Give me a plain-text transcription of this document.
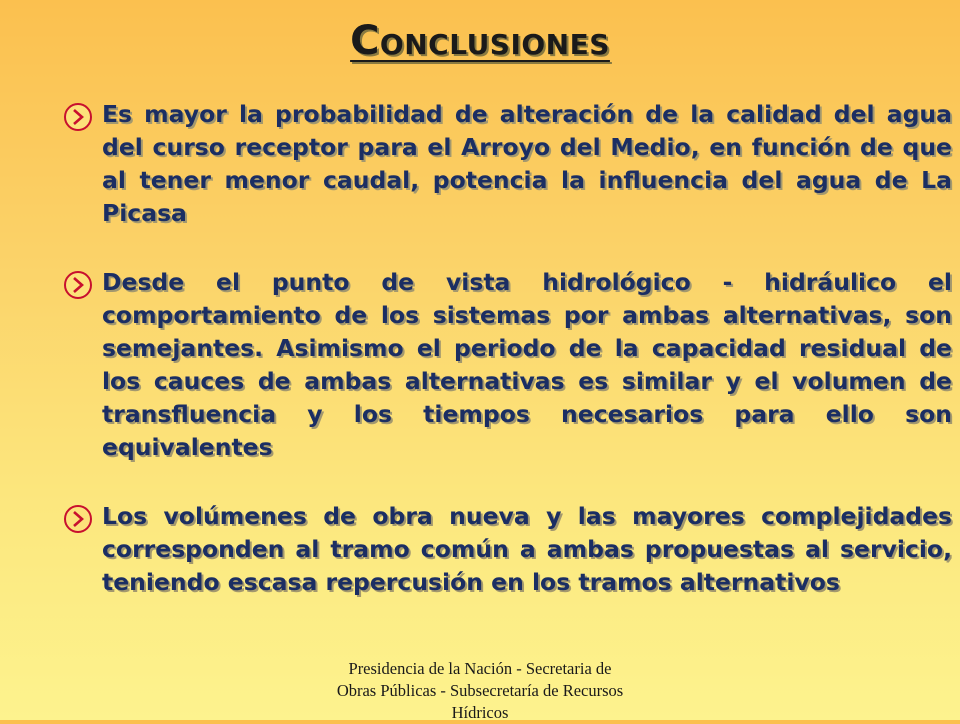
Conclusiones
Es mayor la probabilidad de alteración de la calidad del agua del curso receptor para el Arroyo del Medio, en función de que al tener menor caudal, potencia la influencia del agua de La Picasa
Desde el punto de vista hidrológico - hidráulico el comportamiento de los sistemas por ambas alternativas, son semejantes. Asimismo el periodo de la capacidad residual de los cauces de ambas alternativas es similar y el volumen de transfluencia y los tiempos necesarios para ello son equivalentes
Los volúmenes de obra nueva y las mayores complejidades corresponden al tramo común a ambas propuestas al servicio, teniendo escasa repercusión en los tramos alternativos
Presidencia de la Nación - Secretaria de Obras Públicas - Subsecretaría de Recursos Hídricos
